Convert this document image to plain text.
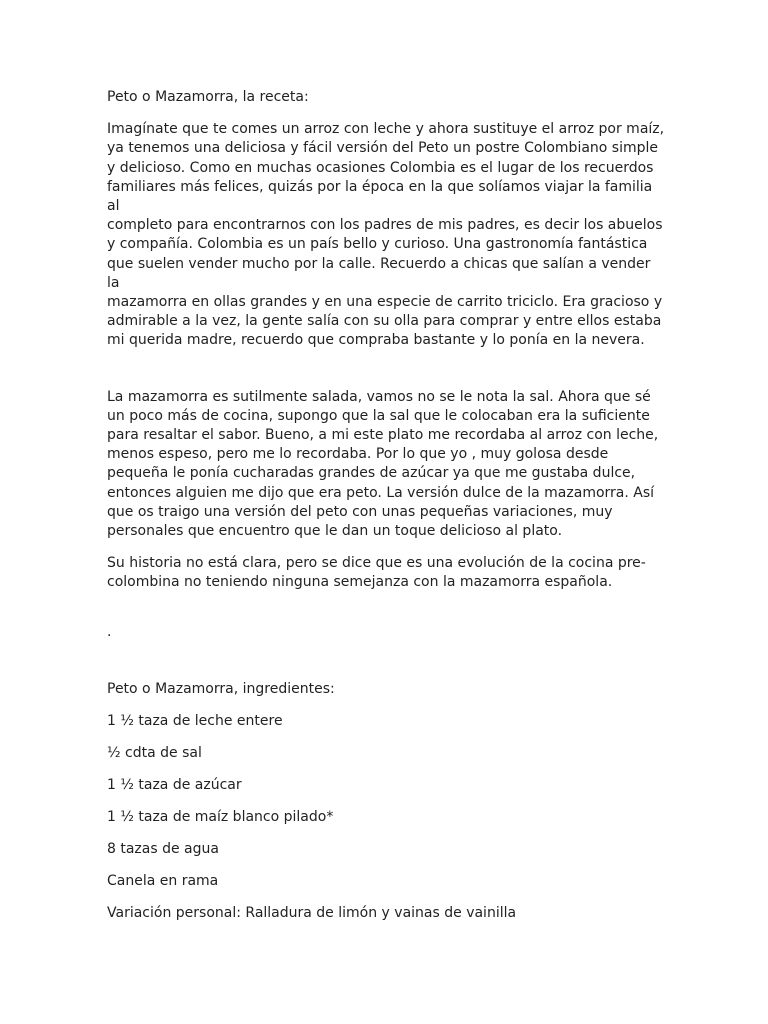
Peto o Mazamorra, la receta:

Imagínate que te comes un arroz con leche y ahora sustituye el arroz por maíz,
ya tenemos una deliciosa y fácil versión del Peto un postre Colombiano simple
y delicioso. Como en muchas ocasiones Colombia es el lugar de los recuerdos
familiares más felices, quizás por la época en la que solíamos viajar la familia al
completo para encontrarnos con los padres de mis padres, es decir los abuelos
y compañía. Colombia es un país bello y curioso. Una gastronomía fantástica
que suelen vender mucho por la calle. Recuerdo a chicas que salían a vender la
mazamorra en ollas grandes y en una especie de carrito triciclo. Era gracioso y
admirable a la vez, la gente salía con su olla para comprar y entre ellos estaba
mi querida madre, recuerdo que compraba bastante y lo ponía en la nevera.

La mazamorra es sutilmente salada, vamos no se le nota la sal. Ahora que sé
un poco más de cocina, supongo que la sal que le colocaban era la suficiente
para resaltar el sabor. Bueno, a mi este plato me recordaba al arroz con leche,
menos espeso, pero me lo recordaba. Por lo que yo , muy golosa desde
pequeña le ponía cucharadas grandes de azúcar ya que me gustaba dulce,
entonces alguien me dijo que era peto. La versión dulce de la mazamorra. Así
que os traigo una versión del peto con unas pequeñas variaciones, muy
personales que encuentro que le dan un toque delicioso al plato.

Su historia no está clara, pero se dice que es una evolución de la cocina pre-
colombina no teniendo ninguna semejanza con la mazamorra española.

.

Peto o Mazamorra, ingredientes:

1 ½ taza de leche entere

½ cdta de sal

1 ½ taza de azúcar

1 ½ taza de maíz blanco pilado*

8 tazas de agua

Canela en rama

Variación personal: Ralladura de limón y vainas de vainilla
